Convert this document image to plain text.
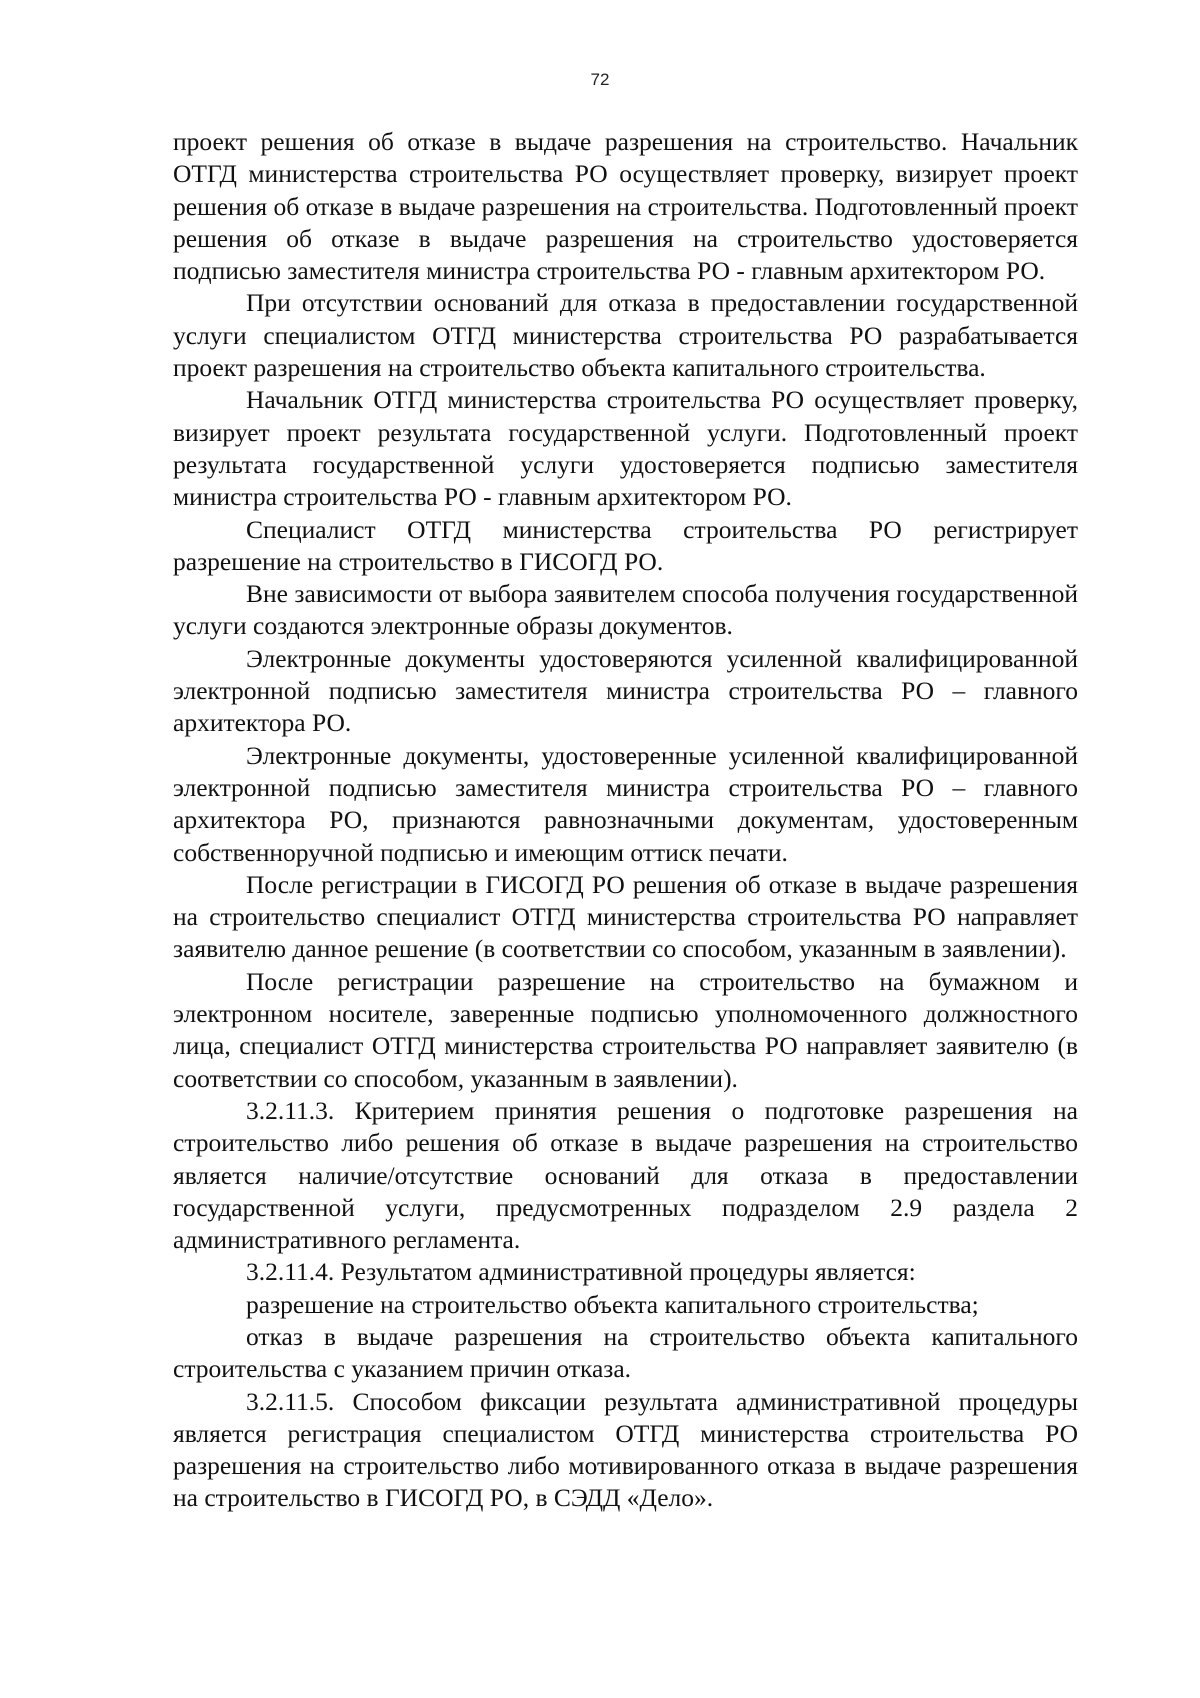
72

проект решения об отказе в выдаче разрешения на строительство. Начальник ОТГД министерства строительства РО осуществляет проверку, визирует проект решения об отказе в выдаче разрешения на строительства. Подготовленный проект решения об отказе в выдаче разрешения на строительство удостоверяется подписью заместителя министра строительства РО - главным архитектором РО.

При отсутствии оснований для отказа в предоставлении государственной услуги специалистом ОТГД министерства строительства РО разрабатывается проект разрешения на строительство объекта капитального строительства.

Начальник ОТГД министерства строительства РО осуществляет проверку, визирует проект результата государственной услуги. Подготовленный проект результата государственной услуги удостоверяется подписью заместителя министра строительства РО - главным архитектором РО.

Специалист ОТГД министерства строительства РО регистрирует разрешение на строительство в ГИСОГД РО.

Вне зависимости от выбора заявителем способа получения государственной услуги создаются электронные образы документов.

Электронные документы удостоверяются усиленной квалифицированной электронной подписью заместителя министра строительства РО – главного архитектора РО.

Электронные документы, удостоверенные усиленной квалифицированной электронной подписью заместителя министра строительства РО – главного архитектора РО, признаются равнозначными документам, удостоверенным собственноручной подписью и имеющим оттиск печати.

После регистрации в ГИСОГД РО решения об отказе в выдаче разрешения на строительство специалист ОТГД министерства строительства РО направляет заявителю данное решение (в соответствии со способом, указанным в заявлении).

После регистрации разрешение на строительство на бумажном и электронном носителе, заверенные подписью уполномоченного должностного лица, специалист ОТГД министерства строительства РО направляет заявителю (в соответствии со способом, указанным в заявлении).

3.2.11.3. Критерием принятия решения о подготовке разрешения на строительство либо решения об отказе в выдаче разрешения на строительство является наличие/отсутствие оснований для отказа в предоставлении государственной услуги, предусмотренных подразделом 2.9 раздела 2 административного регламента.

3.2.11.4. Результатом административной процедуры является:

разрешение на строительство объекта капитального строительства;

отказ в выдаче разрешения на строительство объекта капитального строительства с указанием причин отказа.

3.2.11.5. Способом фиксации результата административной процедуры является регистрация специалистом ОТГД министерства строительства РО разрешения на строительство либо мотивированного отказа в выдаче разрешения на строительство в ГИСОГД РО, в СЭДД «Дело».
